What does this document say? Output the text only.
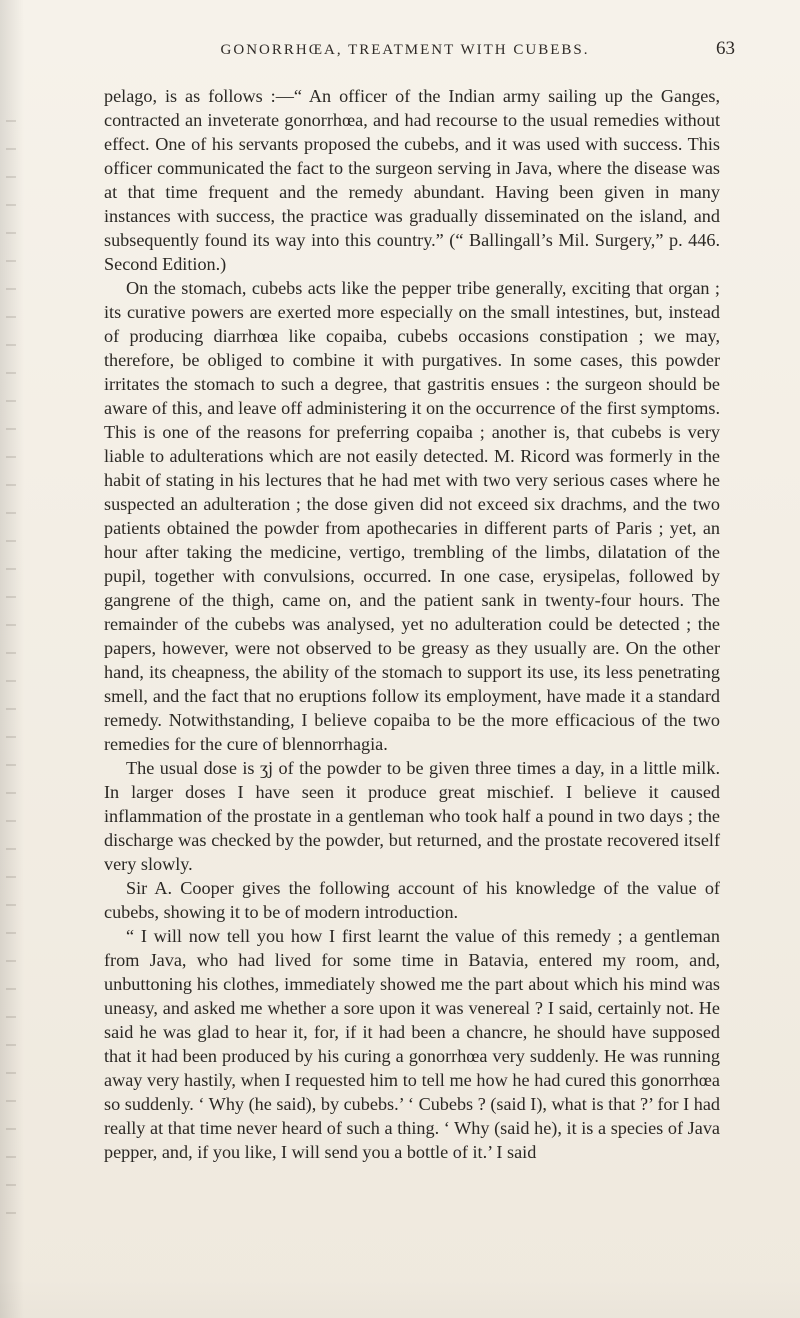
GONORRHŒA, TREATMENT WITH CUBEBS.	63

pelago, is as follows :—“ An officer of the Indian army sailing up the Ganges, contracted an inveterate gonorrhœa, and had recourse to the usual remedies without effect. One of his servants proposed the cubebs, and it was used with success. This officer communicated the fact to the surgeon serving in Java, where the disease was at that time frequent and the remedy abundant. Having been given in many instances with success, the practice was gradually disseminated on the island, and subsequently found its way into this country.” (“ Ballingall’s Mil. Surgery,” p. 446. Second Edition.)

On the stomach, cubebs acts like the pepper tribe generally, exciting that organ ; its curative powers are exerted more especially on the small intestines, but, instead of producing diarrhœa like copaiba, cubebs occasions constipation ; we may, therefore, be obliged to combine it with purgatives. In some cases, this powder irritates the stomach to such a degree, that gastritis ensues : the surgeon should be aware of this, and leave off administering it on the occurrence of the first symptoms. This is one of the reasons for preferring copaiba ; another is, that cubebs is very liable to adulterations which are not easily detected. M. Ricord was formerly in the habit of stating in his lectures that he had met with two very serious cases where he suspected an adulteration ; the dose given did not exceed six drachms, and the two patients obtained the powder from apothecaries in different parts of Paris ; yet, an hour after taking the medicine, vertigo, trembling of the limbs, dilatation of the pupil, together with convulsions, occurred. In one case, erysipelas, followed by gangrene of the thigh, came on, and the patient sank in twenty-four hours. The remainder of the cubebs was analysed, yet no adulteration could be detected ; the papers, however, were not observed to be greasy as they usually are. On the other hand, its cheapness, the ability of the stomach to support its use, its less penetrating smell, and the fact that no eruptions follow its employment, have made it a standard remedy. Notwithstanding, I believe copaiba to be the more efficacious of the two remedies for the cure of blennorrhagia.

The usual dose is ʒj of the powder to be given three times a day, in a little milk. In larger doses I have seen it produce great mischief. I believe it caused inflammation of the prostate in a gentleman who took half a pound in two days ; the discharge was checked by the powder, but returned, and the prostate recovered itself very slowly.

Sir A. Cooper gives the following account of his knowledge of the value of cubebs, showing it to be of modern introduction.

“ I will now tell you how I first learnt the value of this remedy ; a gentleman from Java, who had lived for some time in Batavia, entered my room, and, unbuttoning his clothes, immediately showed me the part about which his mind was uneasy, and asked me whether a sore upon it was venereal ? I said, certainly not. He said he was glad to hear it, for, if it had been a chancre, he should have supposed that it had been produced by his curing a gonorrhœa very suddenly. He was running away very hastily, when I requested him to tell me how he had cured this gonorrhœa so suddenly. ‘ Why (he said), by cubebs.’ ‘ Cubebs ? (said I), what is that ?’ for I had really at that time never heard of such a thing. ‘ Why (said he), it is a species of Java pepper, and, if you like, I will send you a bottle of it.’ I said
